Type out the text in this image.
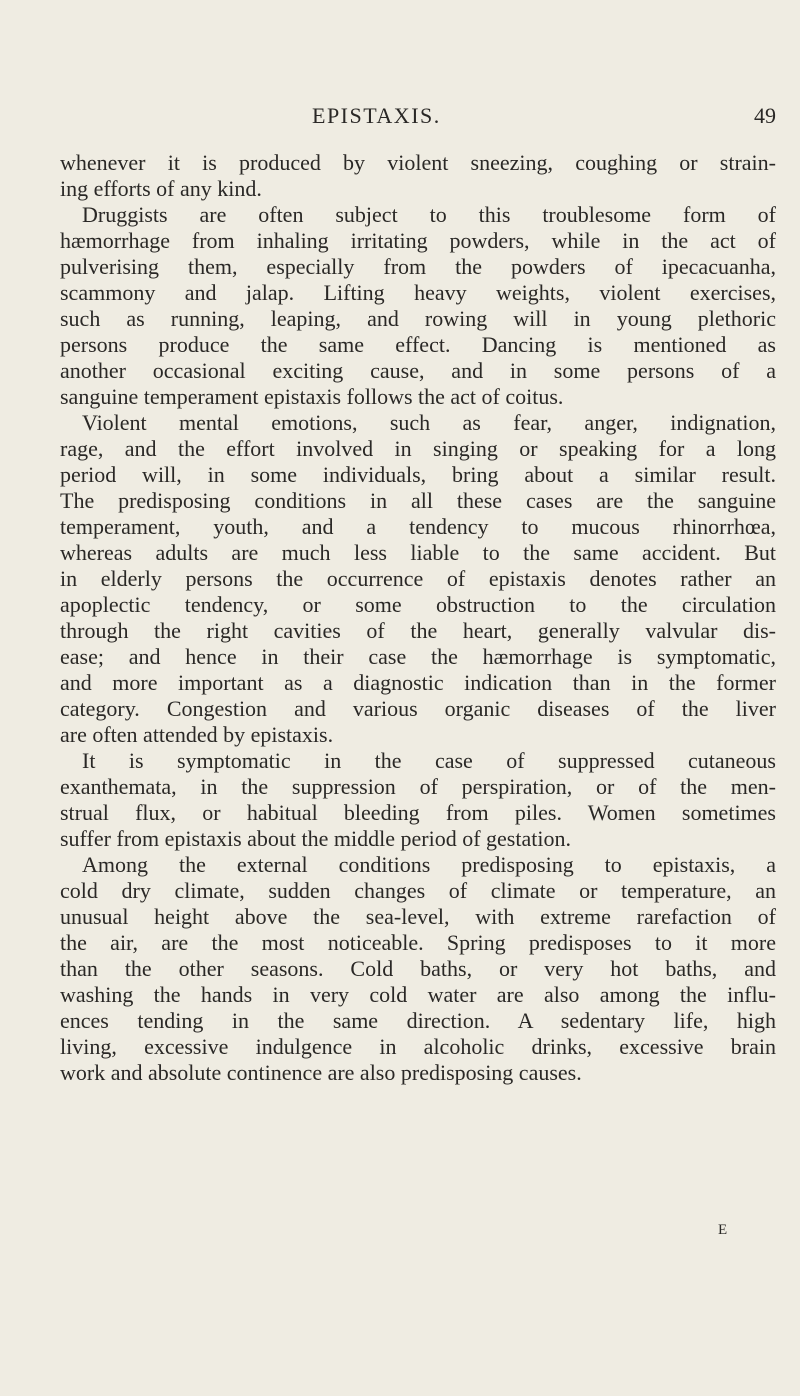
EPISTAXIS.	49
whenever it is produced by violent sneezing, coughing or strain-
ing efforts of any kind.
Druggists are often subject to this troublesome form of
hæmorrhage from inhaling irritating powders, while in the act of
pulverising them, especially from the powders of ipecacuanha,
scammony and jalap. Lifting heavy weights, violent exercises,
such as running, leaping, and rowing will in young plethoric
persons produce the same effect. Dancing is mentioned as
another occasional exciting cause, and in some persons of a
sanguine temperament epistaxis follows the act of coitus.
Violent mental emotions, such as fear, anger, indignation,
rage, and the effort involved in singing or speaking for a long
period will, in some individuals, bring about a similar result.
The predisposing conditions in all these cases are the sanguine
temperament, youth, and a tendency to mucous rhinorrhœa,
whereas adults are much less liable to the same accident. But
in elderly persons the occurrence of epistaxis denotes rather an
apoplectic tendency, or some obstruction to the circulation
through the right cavities of the heart, generally valvular dis-
ease; and hence in their case the hæmorrhage is symptomatic,
and more important as a diagnostic indication than in the former
category. Congestion and various organic diseases of the liver
are often attended by epistaxis.
It is symptomatic in the case of suppressed cutaneous
exanthemata, in the suppression of perspiration, or of the men-
strual flux, or habitual bleeding from piles. Women sometimes
suffer from epistaxis about the middle period of gestation.
Among the external conditions predisposing to epistaxis, a
cold dry climate, sudden changes of climate or temperature, an
unusual height above the sea-level, with extreme rarefaction of
the air, are the most noticeable. Spring predisposes to it more
than the other seasons. Cold baths, or very hot baths, and
washing the hands in very cold water are also among the influ-
ences tending in the same direction. A sedentary life, high
living, excessive indulgence in alcoholic drinks, excessive brain
work and absolute continence are also predisposing causes.
E
